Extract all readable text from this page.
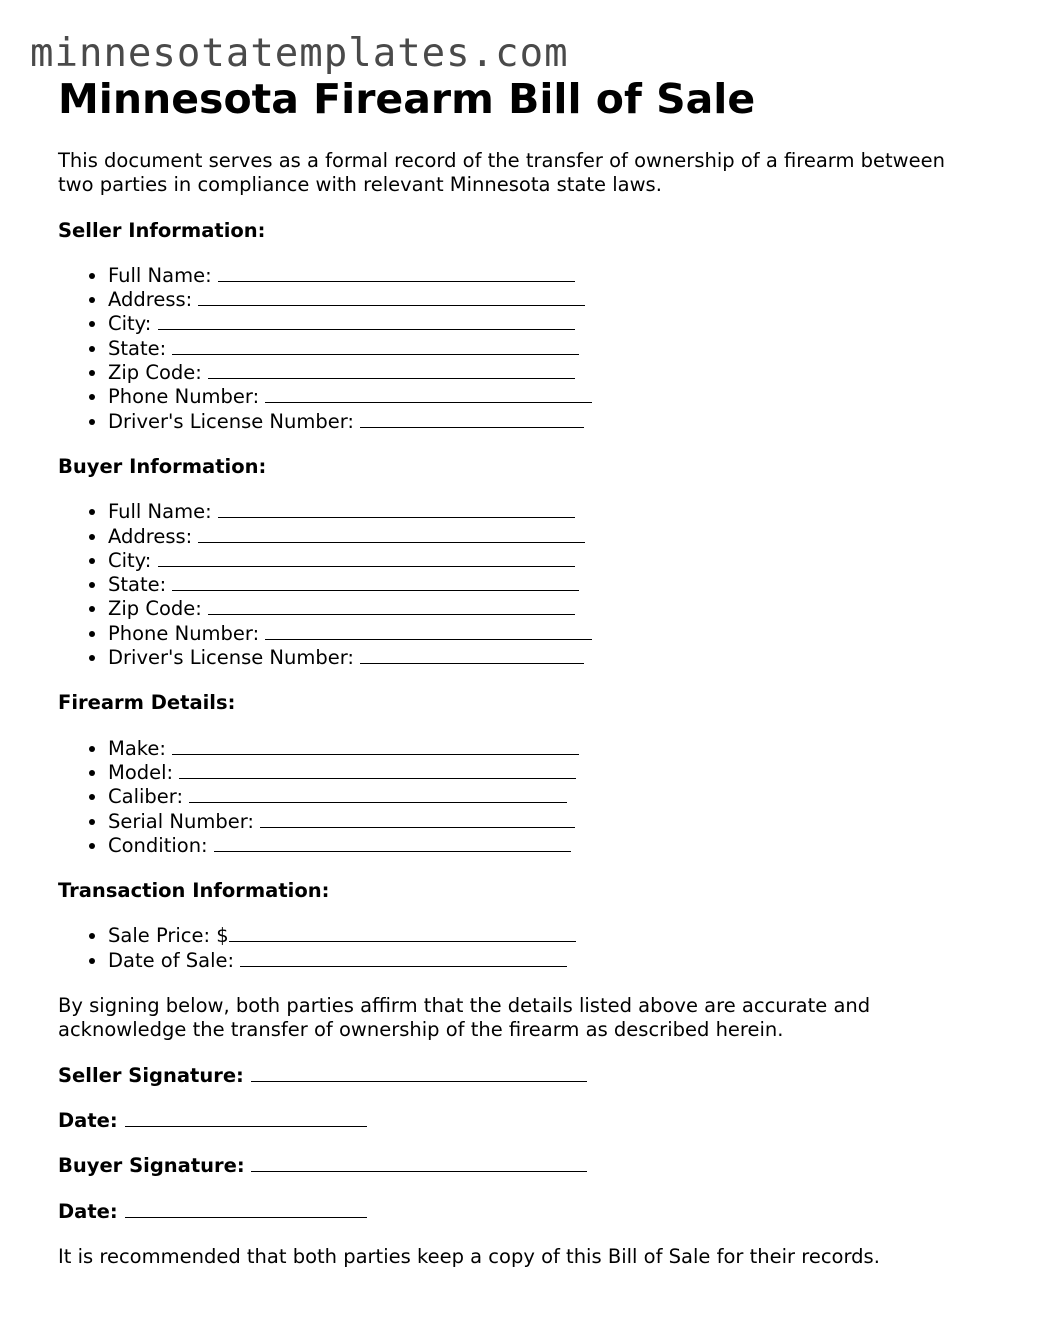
minnesotatemplates.com
Minnesota Firearm Bill of Sale

This document serves as a formal record of the transfer of ownership of a firearm between two parties in compliance with relevant Minnesota state laws.

Seller Information:

• Full Name:
• Address:
• City:
• State:
• Zip Code:
• Phone Number:
• Driver's License Number:

Buyer Information:

• Full Name:
• Address:
• City:
• State:
• Zip Code:
• Phone Number:
• Driver's License Number:

Firearm Details:

• Make:
• Model:
• Caliber:
• Serial Number:
• Condition:

Transaction Information:

• Sale Price: $
• Date of Sale:

By signing below, both parties affirm that the details listed above are accurate and acknowledge the transfer of ownership of the firearm as described herein.

Seller Signature:

Date:

Buyer Signature:

Date:

It is recommended that both parties keep a copy of this Bill of Sale for their records.
